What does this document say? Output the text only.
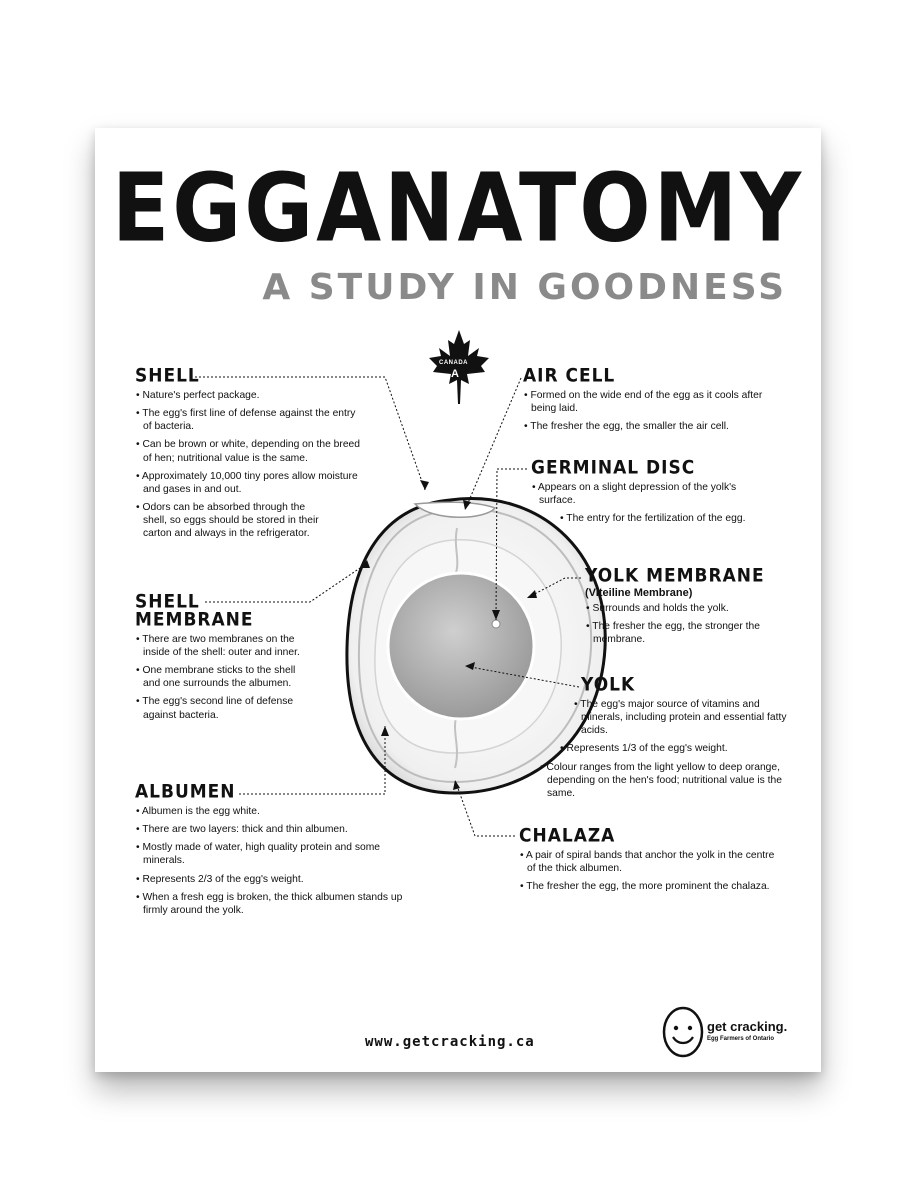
EGGANATOMY
A STUDY IN GOODNESS
CANADA
A
SHELL
• Nature's perfect package.
• The egg's first line of defense against the entry of bacteria.
• Can be brown or white, depending on the breed of hen; nutritional value is the same.
• Approximately 10,000 tiny pores allow moisture and gases in and out.
• Odors can be absorbed through the shell, so eggs should be stored in their carton and always in the refrigerator.
SHELL
MEMBRANE
• There are two membranes on the inside of the shell: outer and inner.
• One membrane sticks to the shell and one surrounds the albumen.
• The egg's second line of defense against bacteria.
ALBUMEN
• Albumen is the egg white.
• There are two layers: thick and thin albumen.
• Mostly made of water, high quality protein and some minerals.
• Represents 2/3 of the egg's weight.
• When a fresh egg is broken, the thick albumen stands up firmly around the yolk.
AIR CELL
• Formed on the wide end of the egg as it cools after being laid.
• The fresher the egg, the smaller the air cell.
GERMINAL DISC
• Appears on a slight depression of the yolk's surface.
• The entry for the fertilization of the egg.
YOLK MEMBRANE
(Viteiline Membrane)
• Surrounds and holds the yolk.
• The fresher the egg, the stronger the membrane.
YOLK
• The egg's major source of vitamins and minerals, including protein and essential fatty acids.
• Represents 1/3 of the egg's weight.
• Colour ranges from the light yellow to deep orange, depending on the hen's food; nutritional value is the same.
CHALAZA
• A pair of spiral bands that anchor the yolk in the centre of the thick albumen.
• The fresher the egg, the more prominent the chalaza.
www.getcracking.ca
get cracking.
Egg Farmers of Ontario
